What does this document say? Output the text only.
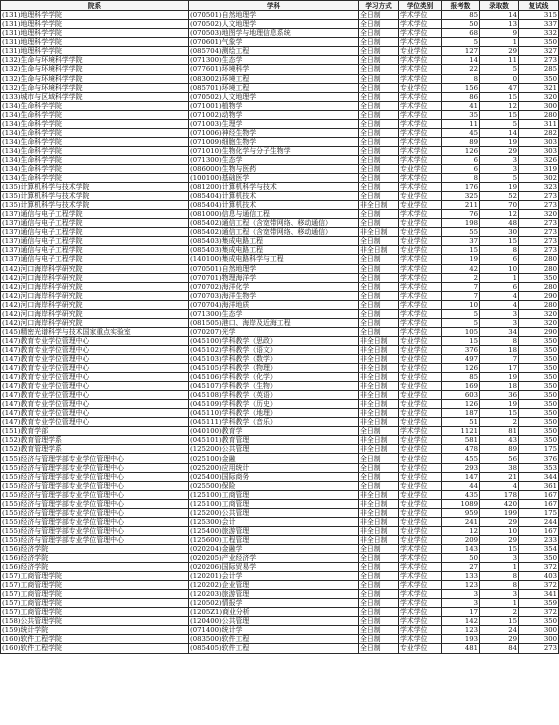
院系	学科	学习方式	学位类别	报考数	录取数	复试线
(131)地理科学学院	(070501)自然地理学	全日制	学术学位	85	14	315
(131)地理科学学院	(070502)人文地理学	全日制	学术学位	50	13	337
(131)地理科学学院	(070503)地图学与地理信息系统	全日制	学术学位	68	9	332
(131)地理科学学院	(070601)气象学	全日制	学术学位	5	1	350
(131)地理科学学院	(085704)测绘工程	全日制	专业学位	127	29	327
(132)生命与环境科学学院	(071300)生态学	全日制	学术学位	14	11	273
(132)生命与环境科学学院	(077601)环境科学	全日制	学术学位	22	5	285
(132)生命与环境科学学院	(083002)环境工程	全日制	学术学位	8	0	350
(132)生命与环境科学学院	(085701)环境工程	全日制	专业学位	156	47	321
(133)城市与区域科学学院	(070502)人文地理学	全日制	学术学位	86	15	320
(134)生命科学学院	(071001)植物学	全日制	学术学位	41	12	300
(134)生命科学学院	(071002)动物学	全日制	学术学位	35	15	280
(134)生命科学学院	(071003)生理学	全日制	学术学位	11	5	311
(134)生命科学学院	(071006)神经生物学	全日制	学术学位	45	14	282
(134)生命科学学院	(071009)细胞生物学	全日制	学术学位	89	19	303
(134)生命科学学院	(071010)生物化学与分子生物学	全日制	学术学位	126	29	303
(134)生命科学学院	(071300)生态学	全日制	学术学位	6	3	326
(134)生命科学学院	(086000)生物与医药	全日制	专业学位	6	3	319
(134)生命科学学院	(100100)基础医学	全日制	学术学位	8	5	302
(135)计算机科学与技术学院	(081200)计算机科学与技术	全日制	学术学位	176	19	323
(135)计算机科学与技术学院	(085404)计算机技术	全日制	专业学位	325	52	273
(135)计算机科学与技术学院	(085404)计算机技术	非全日制	专业学位	211	70	273
(137)通信与电子工程学院	(081000)信息与通信工程	全日制	学术学位	76	12	320
(137)通信与电子工程学院	(085402)通信工程（含宽带网络、移动通信）	全日制	专业学位	198	48	273
(137)通信与电子工程学院	(085402)通信工程（含宽带网络、移动通信）	非全日制	专业学位	55	30	273
(137)通信与电子工程学院	(085403)集成电路工程	全日制	专业学位	37	15	273
(137)通信与电子工程学院	(085403)集成电路工程	非全日制	专业学位	15	8	273
(137)通信与电子工程学院	(140100)集成电路科学与工程	全日制	学术学位	19	6	280
(142)河口海岸科学研究院	(070501)自然地理学	全日制	学术学位	42	10	280
(142)河口海岸科学研究院	(070701)物理海洋学	全日制	学术学位	2	1	350
(142)河口海岸科学研究院	(070702)海洋化学	全日制	学术学位	7	6	280
(142)河口海岸科学研究院	(070703)海洋生物学	全日制	学术学位	7	4	290
(142)河口海岸科学研究院	(070704)海洋地质	全日制	学术学位	10	4	280
(142)河口海岸科学研究院	(071300)生态学	全日制	学术学位	5	3	320
(142)河口海岸科学研究院	(081505)港口、海岸及近海工程	全日制	学术学位	5	3	320
(145)精密光谱科学与技术国家重点实验室	(070207)光学	全日制	学术学位	105	34	290
(147)教育专业学位管理中心	(045100)学科教学（思政）	非全日制	专业学位	15	8	350
(147)教育专业学位管理中心	(045102)学科教学（语文）	非全日制	专业学位	376	18	350
(147)教育专业学位管理中心	(045103)学科教学（数学）	非全日制	专业学位	497	7	350
(147)教育专业学位管理中心	(045105)学科教学（物理）	非全日制	专业学位	126	17	350
(147)教育专业学位管理中心	(045106)学科教学（化学）	非全日制	专业学位	85	19	350
(147)教育专业学位管理中心	(045107)学科教学（生物）	非全日制	专业学位	169	18	350
(147)教育专业学位管理中心	(045108)学科教学（英语）	非全日制	专业学位	603	36	350
(147)教育专业学位管理中心	(045109)学科教学（历史）	非全日制	专业学位	126	19	350
(147)教育专业学位管理中心	(045110)学科教学（地理）	非全日制	专业学位	187	15	350
(147)教育专业学位管理中心	(045111)学科教学（音乐）	非全日制	专业学位	51	2	350
(151)教育学部	(040100)教育学	全日制	学术学位	1121	81	350
(152)教育管理学系	(045101)教育管理	非全日制	专业学位	581	43	350
(152)教育管理学系	(125200)公共管理	非全日制	专业学位	478	89	175
(155)经济与管理学部专业学位管理中心	(025100)金融	全日制	专业学位	455	56	376
(155)经济与管理学部专业学位管理中心	(025200)应用统计	全日制	专业学位	293	38	353
(155)经济与管理学部专业学位管理中心	(025400)国际商务	全日制	专业学位	147	21	344
(155)经济与管理学部专业学位管理中心	(025500)保险	全日制	专业学位	44	4	361
(155)经济与管理学部专业学位管理中心	(125100)工商管理	非全日制	专业学位	435	178	167
(155)经济与管理学部专业学位管理中心	(125100)工商管理	非全日制	专业学位	1089	420	167
(155)经济与管理学部专业学位管理中心	(125200)公共管理	非全日制	专业学位	959	199	175
(155)经济与管理学部专业学位管理中心	(125300)会计	非全日制	专业学位	241	29	244
(155)经济与管理学部专业学位管理中心	(125400)旅游管理	非全日制	专业学位	12	10	167
(155)经济与管理学部专业学位管理中心	(125600)工程管理	非全日制	专业学位	209	29	233
(156)经济学院	(020204)金融学	全日制	学术学位	143	15	354
(156)经济学院	(020205)产业经济学	全日制	学术学位	50	3	350
(156)经济学院	(020206)国际贸易学	全日制	学术学位	27	1	372
(157)工商管理学院	(120201)会计学	全日制	学术学位	133	8	403
(157)工商管理学院	(120202)企业管理	全日制	学术学位	123	8	372
(157)工商管理学院	(120203)旅游管理	全日制	学术学位	3	3	341
(157)工商管理学院	(120502)情报学	全日制	学术学位	3	1	359
(157)工商管理学院	(1205Z1)商业分析	全日制	学术学位	17	2	372
(158)公共管理学院	(120400)公共管理	全日制	学术学位	142	15	350
(159)统计学院	(071400)统计学	全日制	学术学位	123	24	300
(160)软件工程学院	(083500)软件工程	全日制	学术学位	193	29	300
(160)软件工程学院	(085405)软件工程	全日制	专业学位	481	84	273
